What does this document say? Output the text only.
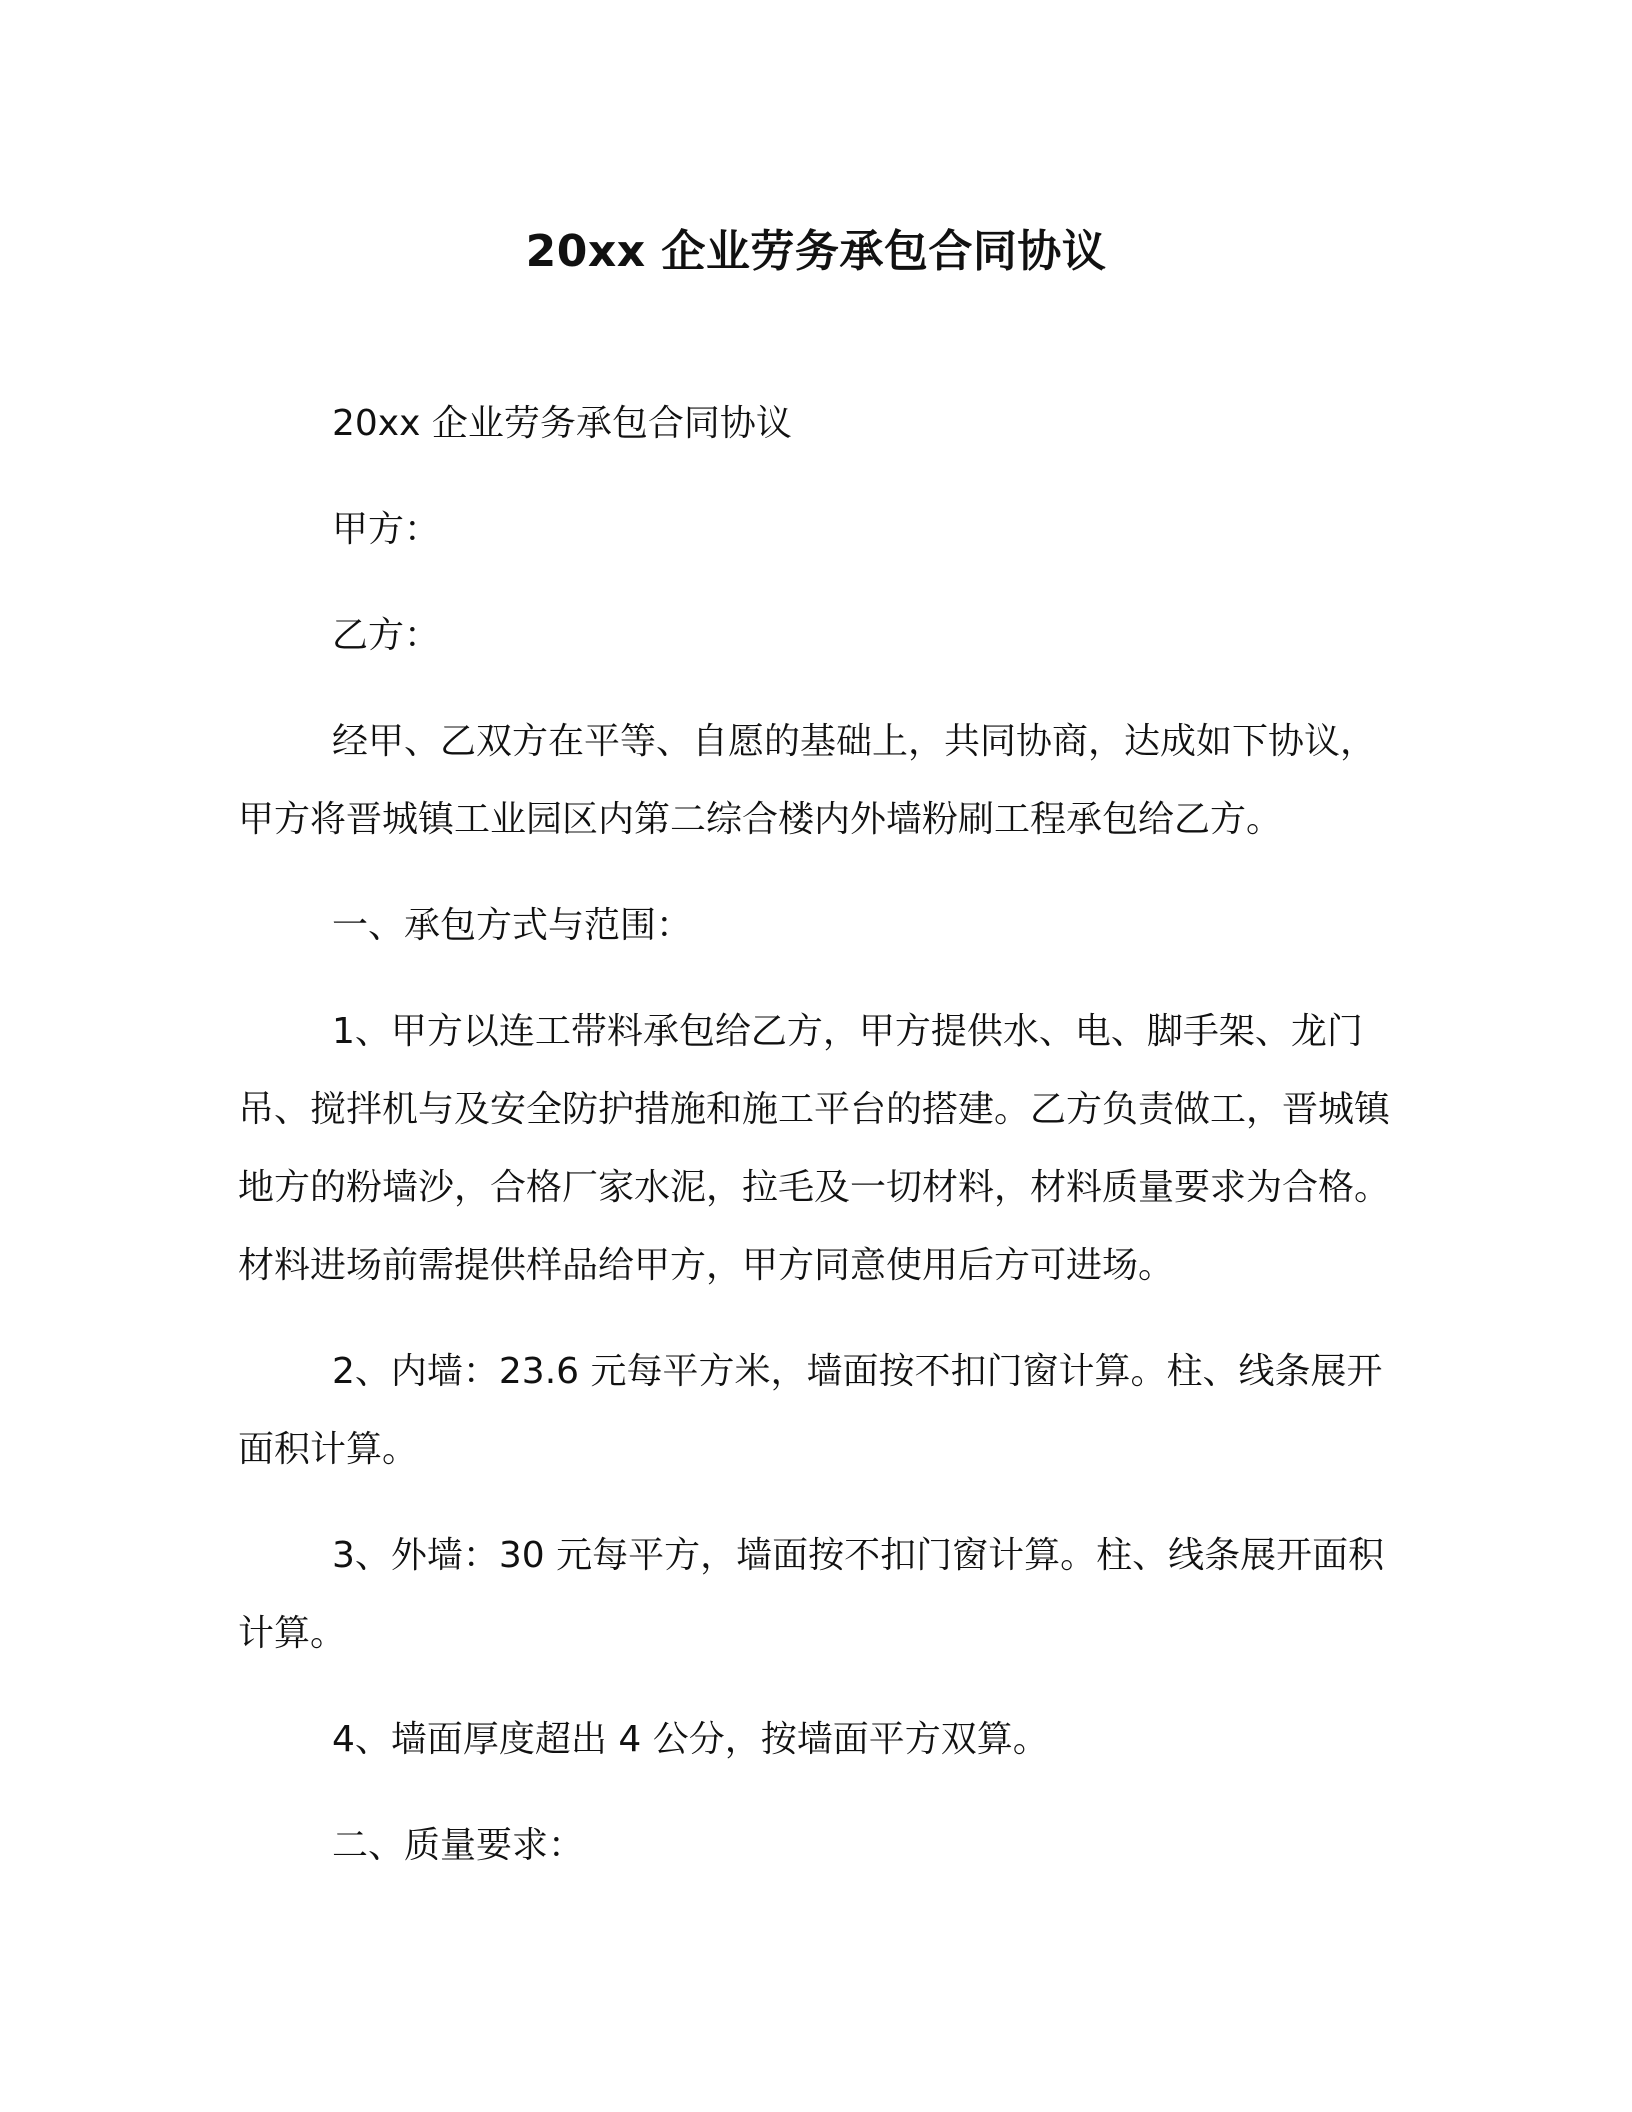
20xx 企业劳务承包合同协议

20xx 企业劳务承包合同协议

甲方：

乙方：

经甲、乙双方在平等、自愿的基础上，共同协商，达成如下协议，甲方将晋城镇工业园区内第二综合楼内外墙粉刷工程承包给乙方。

一、承包方式与范围：

1、甲方以连工带料承包给乙方，甲方提供水、电、脚手架、龙门吊、搅拌机与及安全防护措施和施工平台的搭建。乙方负责做工，晋城镇地方的粉墙沙，合格厂家水泥，拉毛及一切材料，材料质量要求为合格。材料进场前需提供样品给甲方，甲方同意使用后方可进场。

2、内墙：23.6 元每平方米，墙面按不扣门窗计算。柱、线条展开面积计算。

3、外墙：30 元每平方，墙面按不扣门窗计算。柱、线条展开面积计算。

4、墙面厚度超出 4 公分，按墙面平方双算。

二、质量要求：
